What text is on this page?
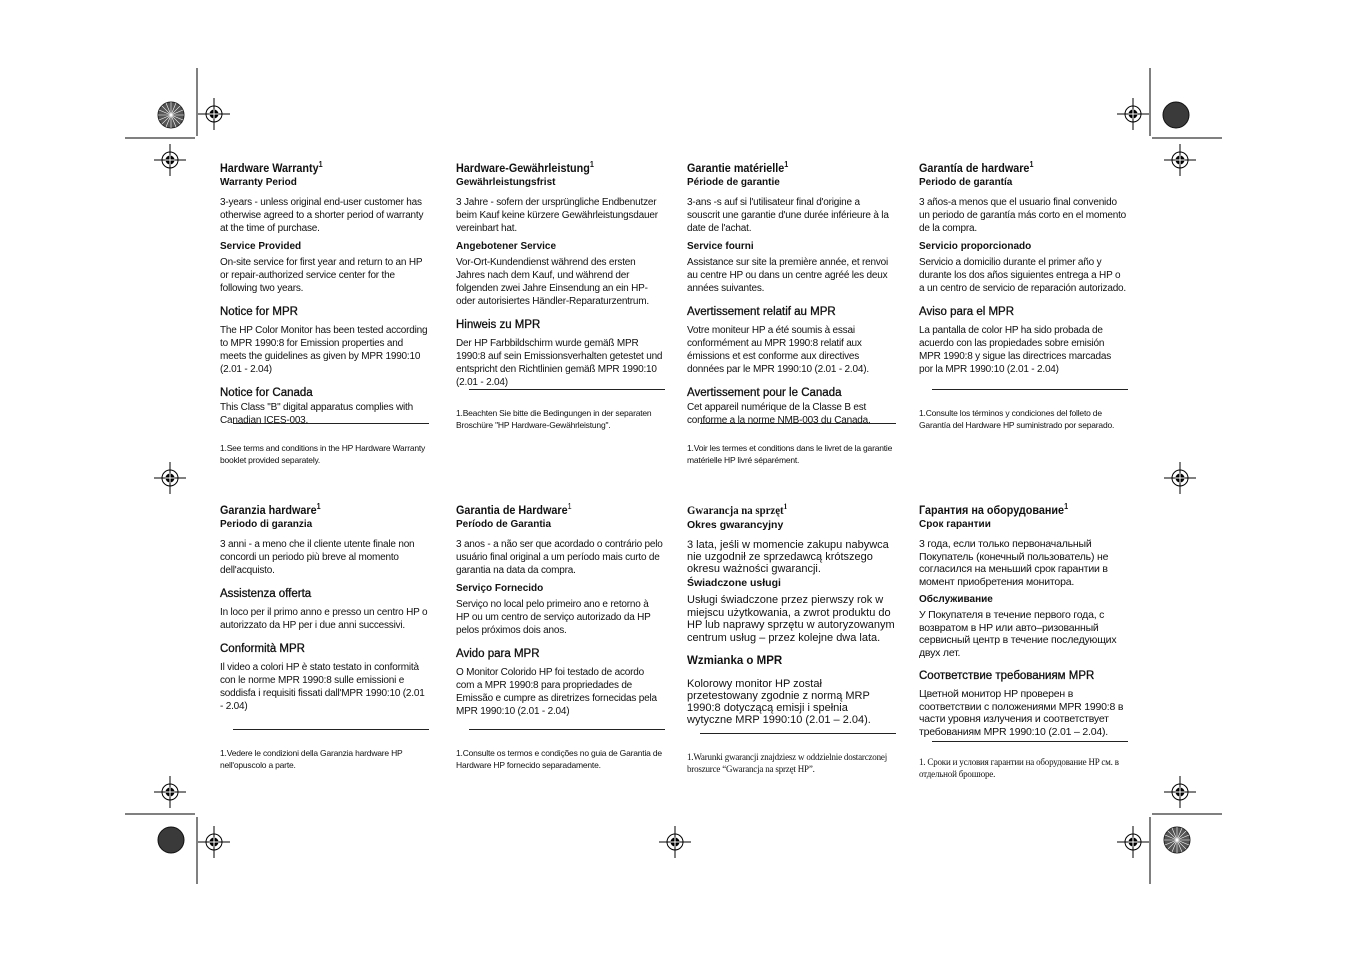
Hardware Warranty$^1$
Warranty Period

3-years - unless original end-user customer has otherwise agreed to a shorter period of warranty at the time of purchase.

Service Provided

On-site service for first year and return to an HP or repair-authorized service center for the following two years.

Notice for MPR

The HP Color Monitor has been tested according to MPR 1990:8 for Emission properties and meets the guidelines as given by MPR 1990:10 (2.01 - 2.04)

Notice for Canada

This Class "B" digital apparatus complies with Canadian ICES-003.

1.See terms and conditions in the HP Hardware Warranty booklet provided separately.
Hardware-Gewährleistung$^1$
Gewährleistungsfrist

3 Jahre - sofern der ursprüngliche Endbenutzer beim Kauf keine kürzere Gewährleistungsdauer vereinbart hat.

Angebotener Service

Vor-Ort-Kundendienst während des ersten Jahres nach dem Kauf, und während der folgenden zwei Jahre Einsendung an ein HP- oder autorisiertes Händler-Reparaturzentrum.

Hinweis zu MPR

Der HP Farbbildschirm wurde gemäß MPR 1990:8 auf sein Emissionsverhalten getestet und entspricht den Richtlinien gemäß MPR 1990:10 (2.01 - 2.04)

1.Beachten Sie bitte die Bedingungen in der separaten Broschüre "HP Hardware-Gewährleistung".
Garantie matérielle$^1$
Période de garantie

3-ans -s auf si l'utilisateur final d'origine a souscrit une garantie d'une durée inférieure à la date de l'achat.

Service fourni

Assistance sur site la première année, et renvoi au centre HP ou dans un centre agréé les deux années suivantes.

Avertissement relatif au MPR

Votre moniteur HP a été soumis à essai conformément au MPR 1990:8 relatif aux émissions et est conforme aux directives données par le MPR 1990:10 (2.01 - 2.04).

Avertissement pour le Canada

Cet appareil numérique de la Classe B est conforme a la norme NMB-003 du Canada.

1.Voir les termes et conditions dans le livret de la garantie matérielle HP livré séparément.
Garantía de hardware$^1$
Periodo de garantía

3 años-a menos que el usuario final convenido un periodo de garantía más corto en el momento de la compra.

Servicio proporcionado

Servicio a domicilio durante el primer año y durante los dos años siguientes entrega a HP o a un centro de servicio de reparación autorizado.

Aviso para el MPR

La pantalla de color HP ha sido probada de acuerdo con las propiedades sobre emisión MPR 1990:8 y sigue las directrices marcadas por la MPR 1990:10 (2.01 - 2.04)

1.Consulte los términos y condiciones del folleto de Garantía del Hardware HP suministrado por separado.
Garanzia hardware$^1$
Periodo di garanzia

3 anni - a meno che il cliente utente finale non concordi un periodo più breve al momento dell'acquisto.

Assistenza offerta

In loco per il primo anno e presso un centro HP o autorizzato da HP per i due anni successivi.

Conformità MPR

Il video a colori HP è stato testato in conformità con le norme MPR 1990:8 sulle emissioni e soddisfa i requisiti fissati dall'MPR 1990:10 (2.01 - 2.04)

1.Vedere le condizioni della Garanzia hardware HP nell'opuscolo a parte.
Garantia de Hardware$^1$
Período de Garantia

3 anos - a não ser que acordado o contrário pelo usuário final original a um período mais curto de garantia na data da compra.

Serviço Fornecido

Serviço no local pelo primeiro ano e retorno à HP ou um centro de serviço autorizado da HP pelos próximos dois anos.

Avido para MPR

O Monitor Colorido HP foi testado de acordo com a MPR 1990:8 para propriedades de Emissão e cumpre as diretrizes fornecidas pela MPR 1990:10 (2.01 - 2.04)

1.Consulte os termos e condições no guia de Garantia de Hardware HP fornecido separadamente.
Gwarancja na sprzęt$^1$
Okres gwarancyjny

3 lata, jeśli w momencie zakupu nabywca nie uzgodnił ze sprzedawcą krótszego okresu ważności gwarancji.

Świadczone usługi

Usługi świadczone przez pierwszy rok w miejscu użytkowania, a zwrot produktu do HP lub naprawy sprzętu w autoryzowanym centrum usług – przez kolejne dwa lata.

Wzmianka o MPR

Kolorowy monitor HP został przetestowany zgodnie z normą MRP 1990:8 dotyczącą emisji i spełnia wytyczne MRP 1990:10 (2.01 – 2.04).

1.Warunki gwarancji znajdziesz w oddzielnie dostarczonej broszurce “Gwarancja na sprzęt HP”.
Гарантия на оборудование$^1$
Срок гарантии

3 года, если только первоначальный Покупатель (конечный пользователь) не согласился на меньший срок гарантии в момент приобретения монитора.

Обслуживание

У Покупателя в течение первого года, с возвратом в HP или авто–ризованный сервисный центр в течение последующих двух лет.

Соответствие требованиям MPR

Цветной монитор HP проверен в соответствии с положениями MPR 1990:8 в части уровня излучения и соответствует требованиям MPR 1990:10 (2.01 – 2.04).

1. Сроки и условия гарантии на оборудование HP см. в отдельной брошюре.
